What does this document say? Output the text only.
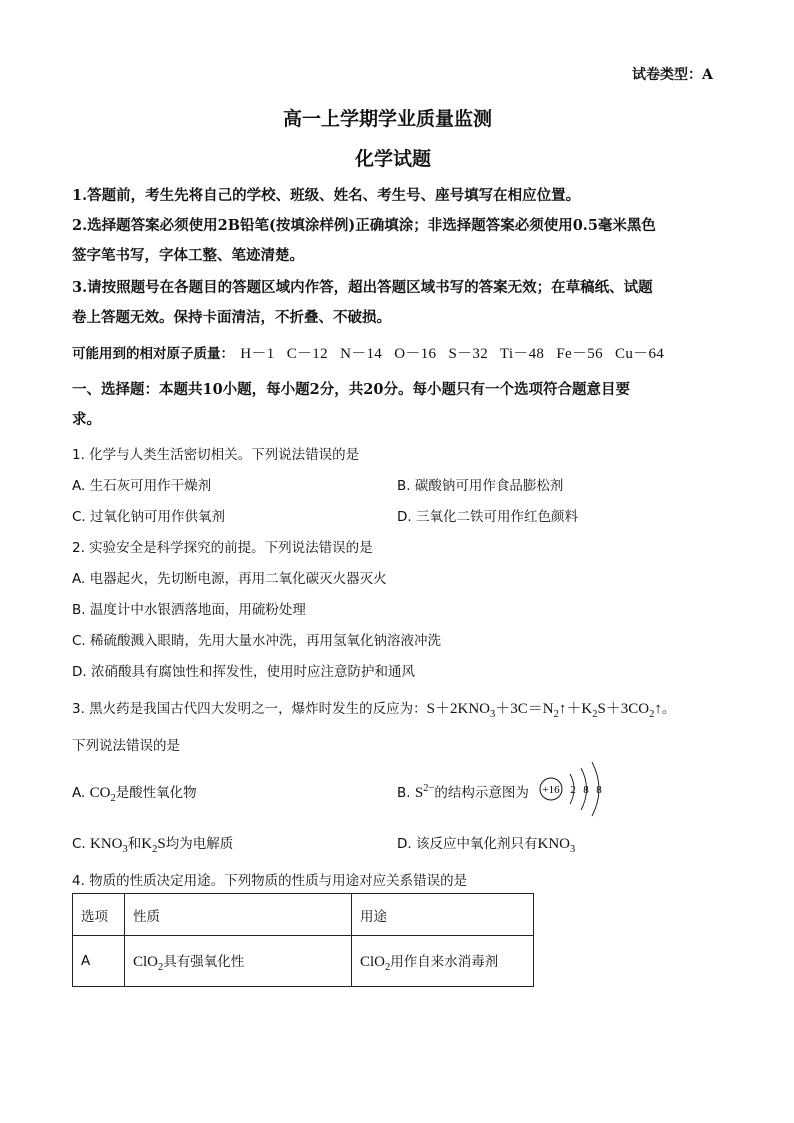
试卷类型：A
高一上学期学业质量监测
化学试题
1.答题前，考生先将自己的学校、班级、姓名、考生号、座号填写在相应位置。
2.选择题答案必须使用2B铅笔(按填涂样例)正确填涂；非选择题答案必须使用0.5毫米黑色
签字笔书写，字体工整、笔迹清楚。
3.请按照题号在各题目的答题区域内作答，超出答题区域书写的答案无效；在草稿纸、试题
卷上答题无效。保持卡面清洁，不折叠、不破损。
可能用到的相对原子质量： H－1 C－12 N－14 O－16 S－32 Ti－48 Fe－56 Cu－64
一、选择题：本题共10小题，每小题2分，共20分。每小题只有一个选项符合题意目要
求。
1. 化学与人类生活密切相关。下列说法错误的是
A. 生石灰可用作干燥剂	B. 碳酸钠可用作食品膨松剂
C. 过氧化钠可用作供氧剂	D. 三氧化二铁可用作红色颜料
2. 实验安全是科学探究的前提。下列说法错误的是
A. 电器起火，先切断电源，再用二氧化碳灭火器灭火
B. 温度计中水银洒落地面，用硫粉处理
C. 稀硫酸溅入眼睛，先用大量水冲洗，再用氢氧化钠溶液冲洗
D. 浓硝酸具有腐蚀性和挥发性，使用时应注意防护和通风
3. 黑火药是我国古代四大发明之一，爆炸时发生的反应为：$S+2KNO_3+3C=N_2↑+K_2S+3CO_2↑$。
下列说法错误的是
A. $CO_2$是酸性氧化物	B. $S^{2-}$的结构示意图为 +16 2 8 8
C. $KNO_3$和$K_2S$均为电解质	D. 该反应中氧化剂只有$KNO_3$
4. 物质的性质决定用途。下列物质的性质与用途对应关系错误的是
选项	性质	用途
A	ClO$_2$具有强氧化性	ClO$_2$用作自来水消毒剂
